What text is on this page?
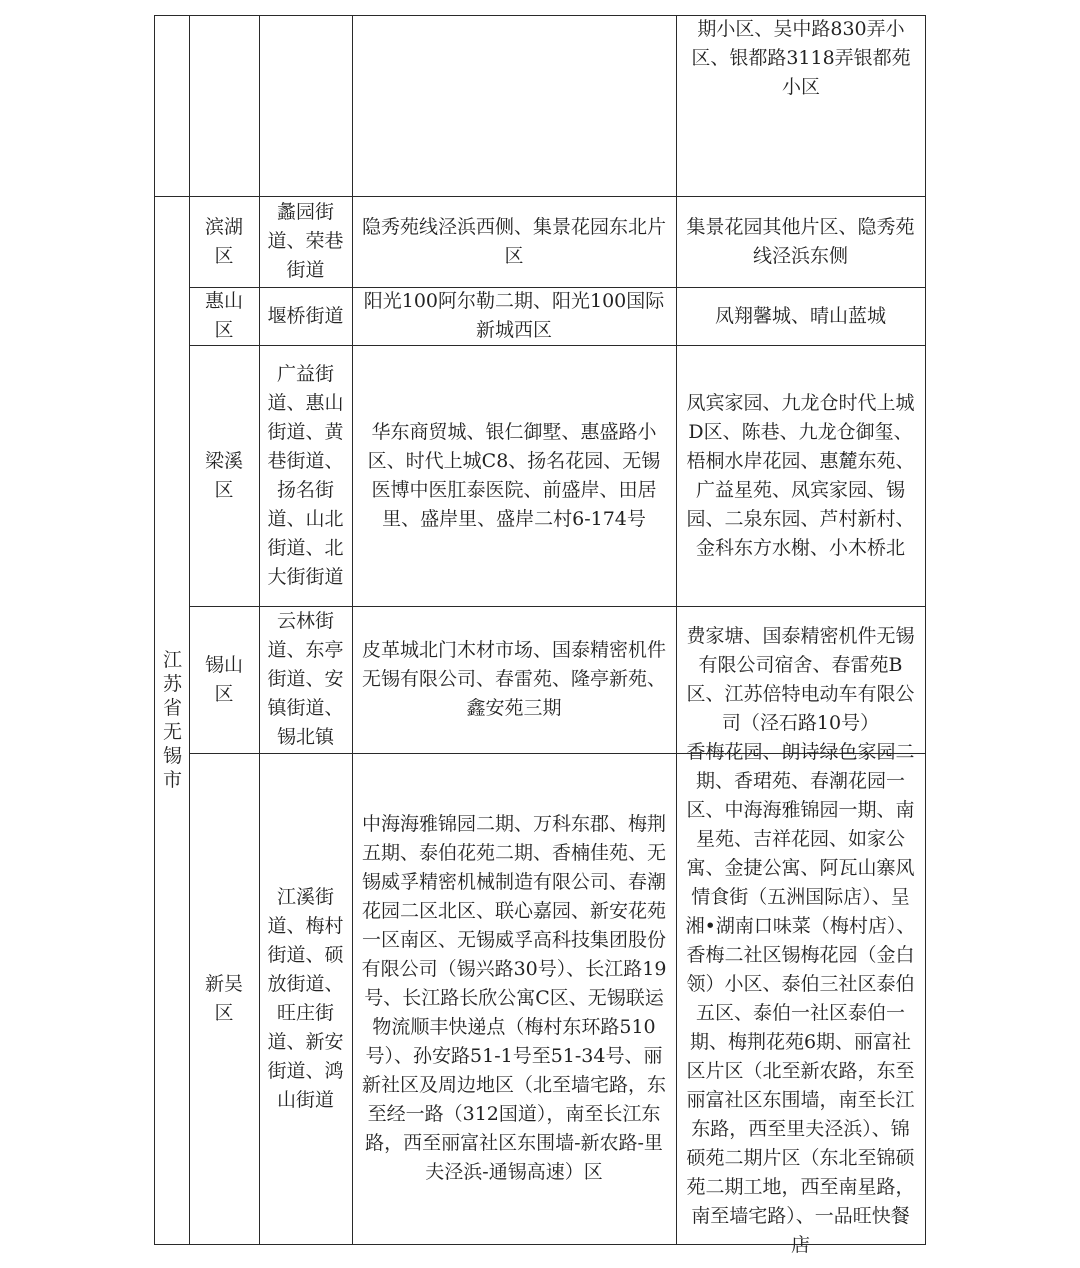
期小区、吴中路830弄小区、银都路3118弄银都苑小区
江苏省无锡市
滨湖区
蠡园街道、荣巷街道
隐秀苑线泾浜西侧、集景花园东北片区
集景花园其他片区、隐秀苑线泾浜东侧
惠山区
堰桥街道
阳光100阿尔勒二期、阳光100国际新城西区
凤翔馨城、晴山蓝城
梁溪区
广益街道、惠山街道、黄巷街道、扬名街道、山北街道、北大街街道
华东商贸城、银仁御墅、惠盛路小区、时代上城C8、扬名花园、无锡医博中医肛泰医院、前盛岸、田居里、盛岸里、盛岸二村6-174号
凤宾家园、九龙仓时代上城D区、陈巷、九龙仓御玺、梧桐水岸花园、惠麓东苑、广益星苑、凤宾家园、锡园、二泉东园、芦村新村、金科东方水榭、小木桥北
锡山区
云林街道、东亭街道、安镇街道、锡北镇
皮革城北门木材市场、国泰精密机件无锡有限公司、春雷苑、隆亭新苑、鑫安苑三期
费家塘、国泰精密机件无锡有限公司宿舍、春雷苑B区、江苏倍特电动车有限公司（泾石路10号）
新吴区
江溪街道、梅村街道、硕放街道、旺庄街道、新安街道、鸿山街道
中海海雅锦园二期、万科东郡、梅荆五期、泰伯花苑二期、香楠佳苑、无锡威孚精密机械制造有限公司、春潮花园二区北区、联心嘉园、新安花苑一区南区、无锡威孚高科技集团股份有限公司（锡兴路30号）、长江路19号、长江路长欣公寓C区、无锡联运物流顺丰快递点（梅村东环路510号）、孙安路51-1号至51-34号、丽新社区及周边地区（北至墙宅路，东至经一路（312国道），南至长江东路，西至丽富社区东围墙-新农路-里夫泾浜-通锡高速）区
香梅花园、朗诗绿色家园二期、香珺苑、春潮花园一区、中海海雅锦园一期、南星苑、吉祥花园、如家公寓、金捷公寓、阿瓦山寨风情食街（五洲国际店）、呈湘•湖南口味菜（梅村店）、香梅二社区锡梅花园（金白领）小区、泰伯三社区泰伯五区、泰伯一社区泰伯一期、梅荆花苑6期、丽富社区片区（北至新农路，东至丽富社区东围墙，南至长江东路，西至里夫泾浜）、锦硕苑二期片区（东北至锦硕苑二期工地，西至南星路，南至墙宅路）、一品旺快餐店
